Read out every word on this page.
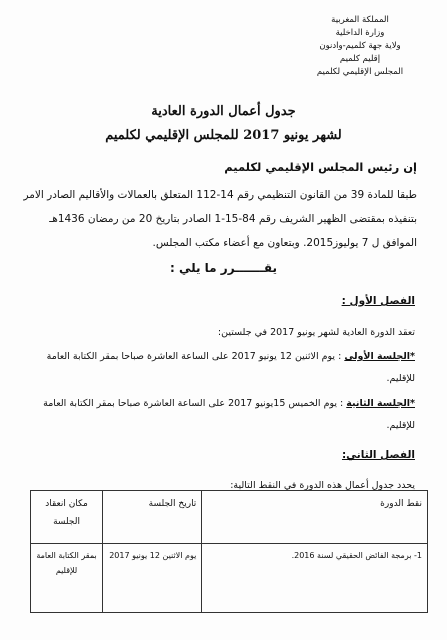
المملكة المغربية
وزارة الداخلية
ولاية جهة كلميم-وادنون
إقليم كلميم
المجلس الإقليمي لكلميم
جدول أعمال الدورة العادية
لشهر يونيو 2017 للمجلس الإقليمي لكلميم
إن رئيس المجلس الإقليمي لكلميم
طبقا للمادة 39 من القانون التنظيمي رقم 14-112 المتعلق بالعمالات والأقاليم الصادر الامر بتنفيذه بمقتضى الظهير الشريف رقم 84-15-1 الصادر بتاريخ 20 من رمضان 1436هـ الموافق ل 7 يوليوز2015. وبتعاون مع أعضاء مكتب المجلس.
يقـــــــرر ما يلي :
الفصل الأول :
تعقد الدورة العادية لشهر يونيو 2017 في جلستين:
*الجلسة الأولى : يوم الاثنين 12 يونيو 2017 على الساعة العاشرة صباحا بمقر الكتابة العامة للإقليم.
*الجلسة الثانية : يوم الخميس 15يونيو 2017 على الساعة العاشرة صباحا بمقر الكتابة العامة للإقليم.
الفصل الثاني:
يحدد جدول أعمال هذه الدورة في النقط التالية:
نقط الدورة	تاريخ الجلسة	مكان انعقاد الجلسة
1- برمجة الفائض الحقيقي لسنة 2016.	يوم الاثنين 12 يونيو 2017	بمقر الكتابة العامة للإقليم
